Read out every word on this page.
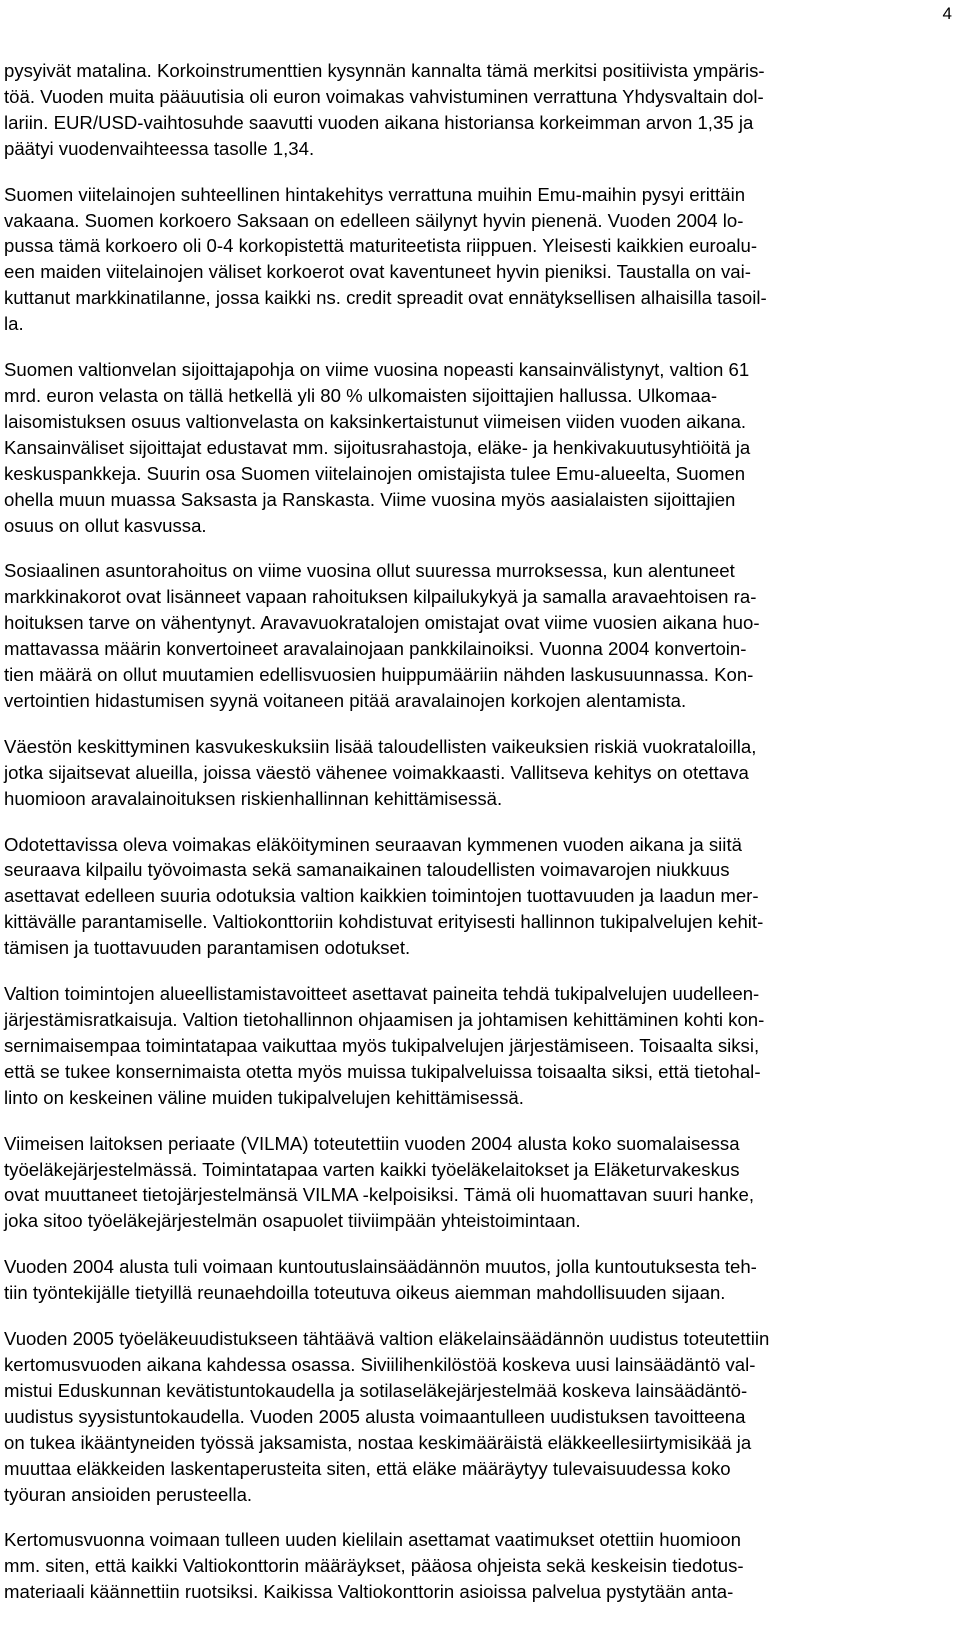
4

pysyivät matalina. Korkoinstrumenttien kysynnän kannalta tämä merkitsi positiivista ympäris-
töä. Vuoden muita pääuutisia oli euron voimakas vahvistuminen verrattuna Yhdysvaltain dol-
lariin. EUR/USD-vaihtosuhde saavutti vuoden aikana historiansa korkeimman arvon 1,35 ja
päätyi vuodenvaihteessa tasolle 1,34.

Suomen viitelainojen suhteellinen hintakehitys verrattuna muihin Emu-maihin pysyi erittäin
vakaana. Suomen korkoero Saksaan on edelleen säilynyt hyvin pienenä. Vuoden 2004 lo-
pussa tämä korkoero oli 0-4 korkopistettä maturiteetista riippuen. Yleisesti kaikkien euroalu-
een maiden viitelainojen väliset korkoerot ovat kaventuneet hyvin pieniksi. Taustalla on vai-
kuttanut markkinatilanne, jossa kaikki ns. credit spreadit ovat ennätyksellisen alhaisilla tasoil-
la.

Suomen valtionvelan sijoittajapohja on viime vuosina nopeasti kansainvälistynyt, valtion 61
mrd. euron velasta on tällä hetkellä yli 80 % ulkomaisten sijoittajien hallussa. Ulkomaa-
laisomistuksen osuus valtionvelasta on kaksinkertaistunut viimeisen viiden vuoden aikana.
Kansainväliset sijoittajat edustavat mm. sijoitusrahastoja, eläke- ja henkivakuutusyhtiöitä ja
keskuspankkeja. Suurin osa Suomen viitelainojen omistajista tulee Emu-alueelta, Suomen
ohella muun muassa Saksasta ja Ranskasta. Viime vuosina myös aasialaisten sijoittajien
osuus on ollut kasvussa.

Sosiaalinen asuntorahoitus on viime vuosina ollut suuressa murroksessa, kun alentuneet
markkinakorot ovat lisänneet vapaan rahoituksen kilpailukykyä ja samalla aravaehtoisen ra-
hoituksen tarve on vähentynyt. Aravavuokratalojen omistajat ovat viime vuosien aikana huo-
mattavassa määrin konvertoineet aravalainojaan pankkilainoiksi. Vuonna 2004 konvertoin-
tien määrä on ollut muutamien edellisvuosien huippumääriin nähden laskusuunnassa. Kon-
vertointien hidastumisen syynä voitaneen pitää aravalainojen korkojen alentamista.

Väestön keskittyminen kasvukeskuksiin lisää taloudellisten vaikeuksien riskiä vuokrataloilla,
jotka sijaitsevat alueilla, joissa väestö vähenee voimakkaasti. Vallitseva kehitys on otettava
huomioon aravalainoituksen riskienhallinnan kehittämisessä.

Odotettavissa oleva voimakas eläköityminen seuraavan kymmenen vuoden aikana ja siitä
seuraava kilpailu työvoimasta sekä samanaikainen taloudellisten voimavarojen niukkuus
asettavat edelleen suuria odotuksia valtion kaikkien toimintojen tuottavuuden ja laadun mer-
kittävälle parantamiselle. Valtiokonttoriin kohdistuvat erityisesti hallinnon tukipalvelujen kehit-
tämisen ja tuottavuuden parantamisen odotukset.

Valtion toimintojen alueellistamistavoitteet asettavat paineita tehdä tukipalvelujen uudelleen-
järjestämisratkaisuja. Valtion tietohallinnon ohjaamisen ja johtamisen kehittäminen kohti kon-
sernimaisempaa toimintatapaa vaikuttaa myös tukipalvelujen järjestämiseen. Toisaalta siksi,
että se tukee konsernimaista otetta myös muissa tukipalveluissa toisaalta siksi, että tietohal-
linto on keskeinen väline muiden tukipalvelujen kehittämisessä.

Viimeisen laitoksen periaate (VILMA) toteutettiin vuoden 2004 alusta koko suomalaisessa
työeläkejärjestelmässä. Toimintatapaa varten kaikki työeläkelaitokset ja Eläketurvakeskus
ovat muuttaneet tietojärjestelmänsä VILMA -kelpoisiksi. Tämä oli huomattavan suuri hanke,
joka sitoo työeläkejärjestelmän osapuolet tiiviimpään yhteistoimintaan.

Vuoden 2004 alusta tuli voimaan kuntoutuslainsäädännön muutos, jolla kuntoutuksesta teh-
tiin työntekijälle tietyillä reunaehdoilla toteutuva oikeus aiemman mahdollisuuden sijaan.

Vuoden 2005 työeläkeuudistukseen tähtäävä valtion eläkelainsäädännön uudistus toteutettiin
kertomusvuoden aikana kahdessa osassa. Siviilihenkilöstöä koskeva uusi lainsäädäntö val-
mistui Eduskunnan kevätistuntokaudella ja sotilaseläkejärjestelmää koskeva lainsäädäntö-
uudistus syysistuntokaudella. Vuoden 2005 alusta voimaantulleen uudistuksen tavoitteena
on tukea ikääntyneiden työssä jaksamista, nostaa keskimääräistä eläkkeellesiirtymisikää ja
muuttaa eläkkeiden laskentaperusteita siten, että eläke määräytyy tulevaisuudessa koko
työuran ansioiden perusteella.

Kertomusvuonna voimaan tulleen uuden kielilain asettamat vaatimukset otettiin huomioon
mm. siten, että kaikki Valtiokonttorin määräykset, pääosa ohjeista sekä keskeisin tiedotus-
materiaali käännettiin ruotsiksi. Kaikissa Valtiokonttorin asioissa palvelua pystytään anta-
